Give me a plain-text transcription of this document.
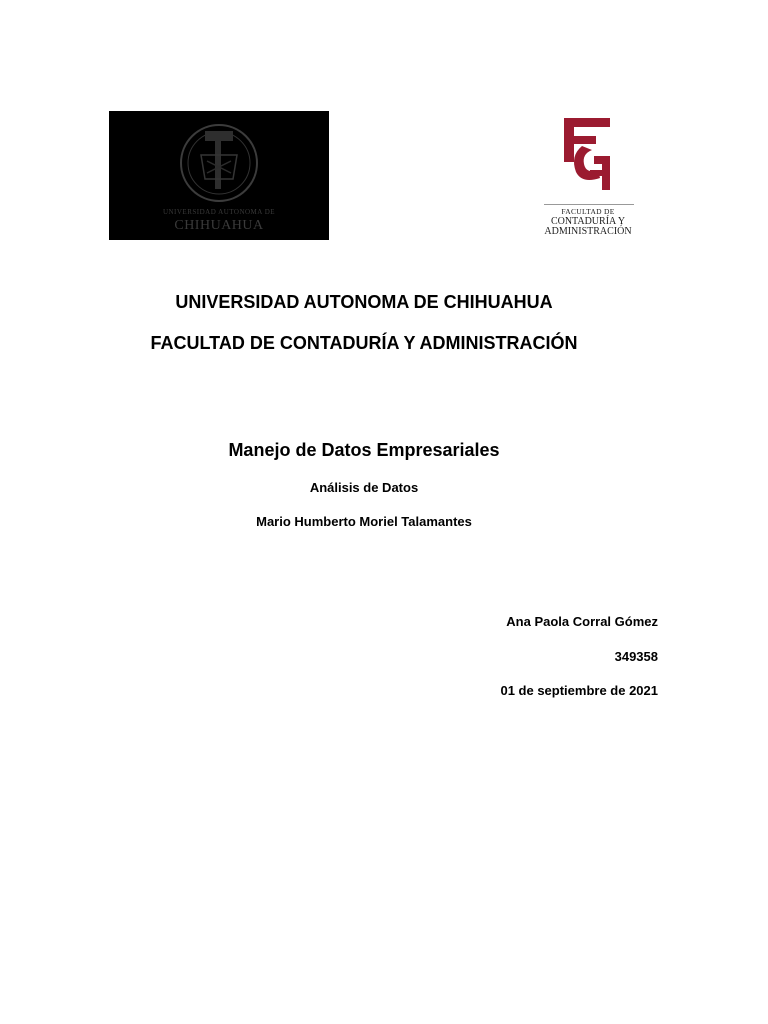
UNIVERSIDAD AUTONOMA DE
CHIHUAHUA
FACULTAD DE
CONTADURÍA Y
ADMINISTRACIÓN
UNIVERSIDAD AUTONOMA DE CHIHUAHUA
FACULTAD DE CONTADURÍA Y ADMINISTRACIÓN
Manejo de Datos Empresariales
Análisis de Datos
Mario Humberto Moriel Talamantes
Ana Paola Corral Gómez
349358
01 de septiembre de 2021
